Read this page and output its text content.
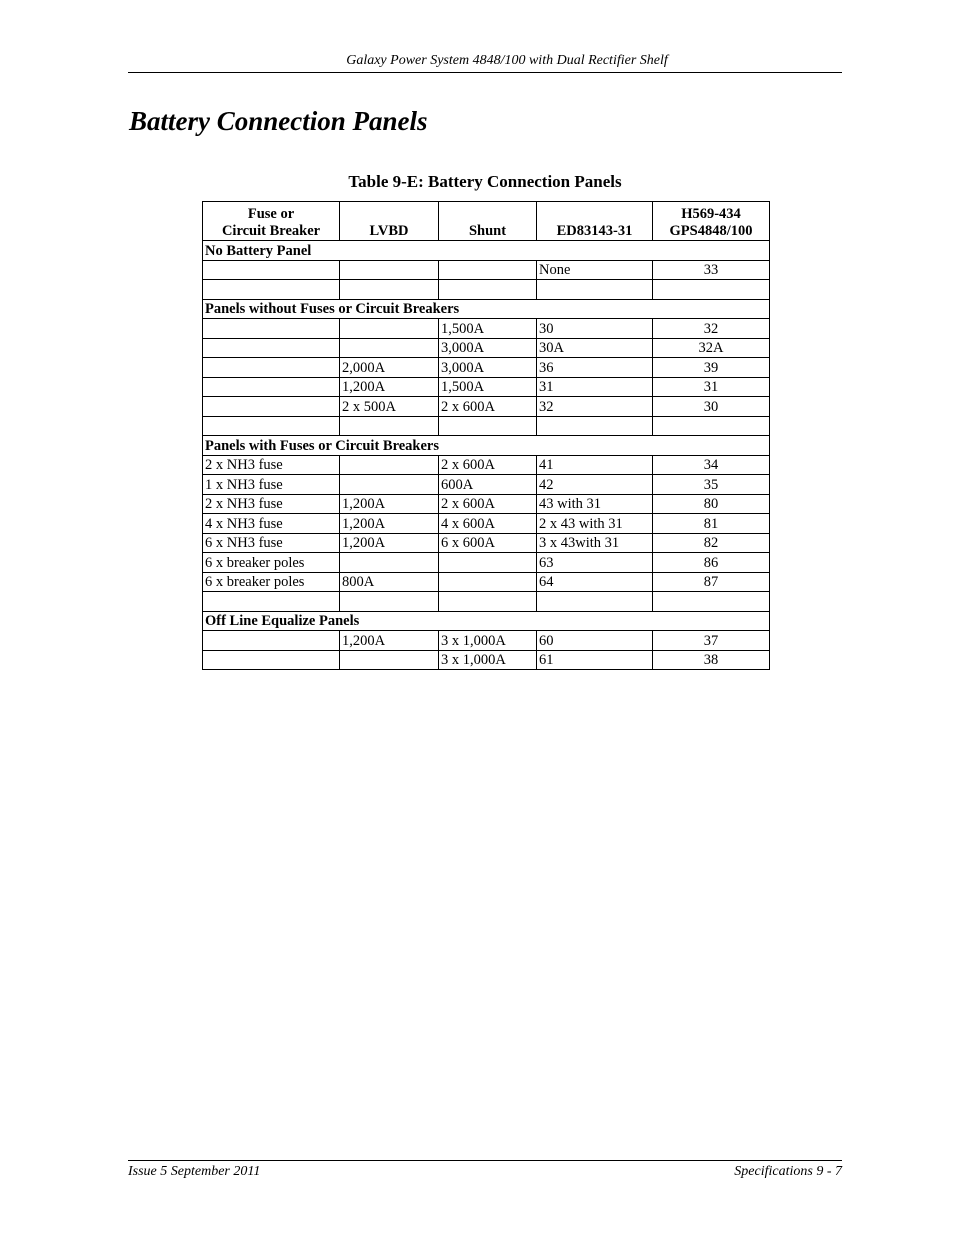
Galaxy Power System 4848/100 with Dual Rectifier Shelf
Battery Connection Panels
Table 9-E: Battery Connection Panels
Fuse or
Circuit Breaker	LVBD	Shunt	ED83143-31	H569-434
GPS4848/100
No Battery Panel				
			None	33

Panels without Fuses or Circuit Breakers				
		1,500A	30	32
		3,000A	30A	32A
	2,000A	3,000A	36	39
	1,200A	1,500A	31	31
	2 x 500A	2 x 600A	32	30

Panels with Fuses or Circuit Breakers				
2 x NH3 fuse		2 x 600A	41	34
1 x NH3 fuse		600A	42	35
2 x NH3 fuse	1,200A	2 x 600A	43 with 31	80
4 x NH3 fuse	1,200A	4 x 600A	2 x 43 with 31	81
6 x NH3 fuse	1,200A	6 x 600A	3 x 43with 31	82
6 x breaker poles			63	86
6 x breaker poles	800A		64	87

Off Line Equalize Panels				
	1,200A	3 x 1,000A	60	37
		3 x 1,000A	61	38
Issue 5 September 2011	Specifications 9 - 7
